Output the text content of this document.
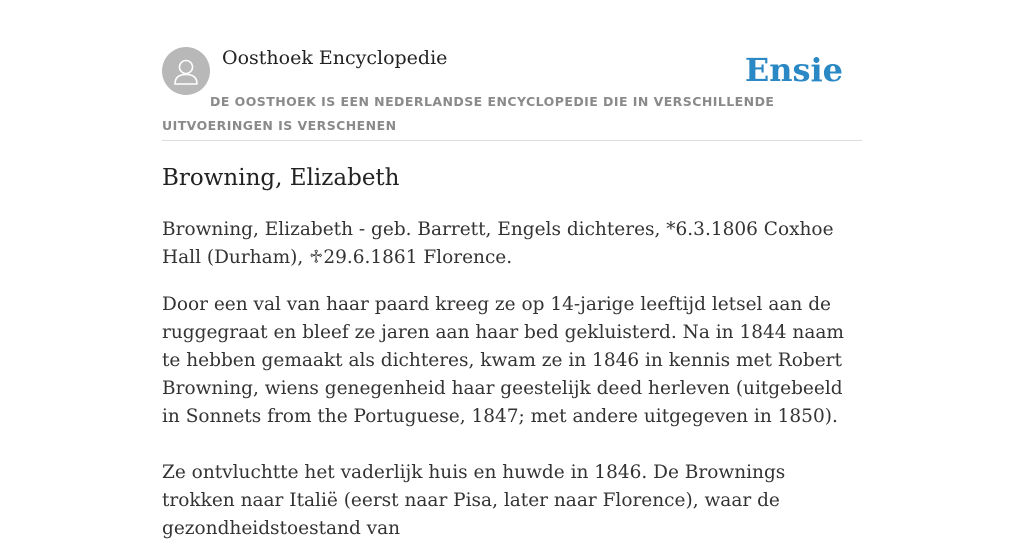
Oosthoek Encyclopedie	Ensie
DE OOSTHOEK IS EEN NEDERLANDSE ENCYCLOPEDIE DIE IN VERSCHILLENDE UITVOERINGEN IS VERSCHENEN
Browning, Elizabeth

Browning, Elizabeth - geb. Barrett, Engels dichteres, *6.3.1806 Coxhoe Hall (Durham), ♱29.6.1861 Florence.

Door een val van haar paard kreeg ze op 14-jarige leeftijd letsel aan de ruggegraat en bleef ze jaren aan haar bed gekluisterd. Na in 1844 naam te hebben gemaakt als dichteres, kwam ze in 1846 in kennis met Robert Browning, wiens genegenheid haar geestelijk deed herleven (uitgebeeld in Sonnets from the Portuguese, 1847; met andere uitgegeven in 1850).

Ze ontvluchtte het vaderlijk huis en huwde in 1846. De Brownings trokken naar Italië (eerst naar Pisa, later naar Florence), waar de gezondheidstoestand van
